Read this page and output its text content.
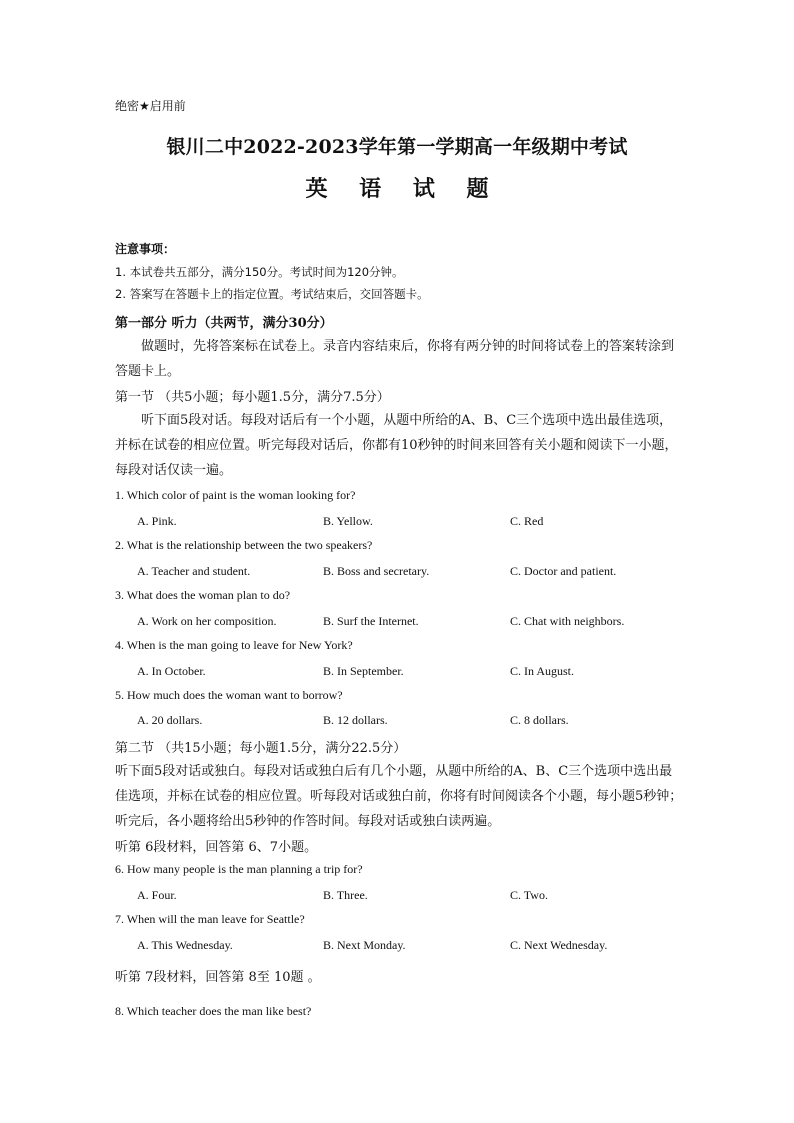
绝密★启用前
银川二中2022-2023学年第一学期高一年级期中考试
英 语 试 题
注意事项：
1. 本试卷共五部分，满分150分。考试时间为120分钟。
2. 答案写在答题卡上的指定位置。考试结束后，交回答题卡。
第一部分 听力（共两节，满分30分）
做题时，先将答案标在试卷上。录音内容结束后，你将有两分钟的时间将试卷上的答案转涂到答题卡上。
第一节 （共5小题；每小题1.5分，满分7.5分）
听下面5段对话。每段对话后有一个小题，从题中所给的A、B、C三个选项中选出最佳选项，并标在试卷的相应位置。听完每段对话后，你都有10秒钟的时间来回答有关小题和阅读下一小题，每段对话仅读一遍。
1. Which color of paint is the woman looking for?
A. Pink.	B. Yellow.	C. Red
2. What is the relationship between the two speakers?
A. Teacher and student.	B. Boss and secretary.	C. Doctor and patient.
3. What does the woman plan to do?
A. Work on her composition.	B. Surf the Internet.	C. Chat with neighbors.
4. When is the man going to leave for New York?
A. In October.	B. In September.	C. In August.
5. How much does the woman want to borrow?
A. 20 dollars.	B. 12 dollars.	C. 8 dollars.
第二节 （共15小题；每小题1.5分，满分22.5分）
听下面5段对话或独白。每段对话或独白后有几个小题，从题中所给的A、B、C三个选项中选出最佳选项，并标在试卷的相应位置。听每段对话或独白前，你将有时间阅读各个小题，每小题5秒钟；听完后，各小题将给出5秒钟的作答时间。每段对话或独白读两遍。
听第 6段材料，回答第 6、7小题。
6. How many people is the man planning a trip for?
A. Four.	B. Three.	C. Two.
7. When will the man leave for Seattle?
A. This Wednesday.	B. Next Monday.	C. Next Wednesday.
听第 7段材料，回答第 8至 10题 。
8. Which teacher does the man like best?
